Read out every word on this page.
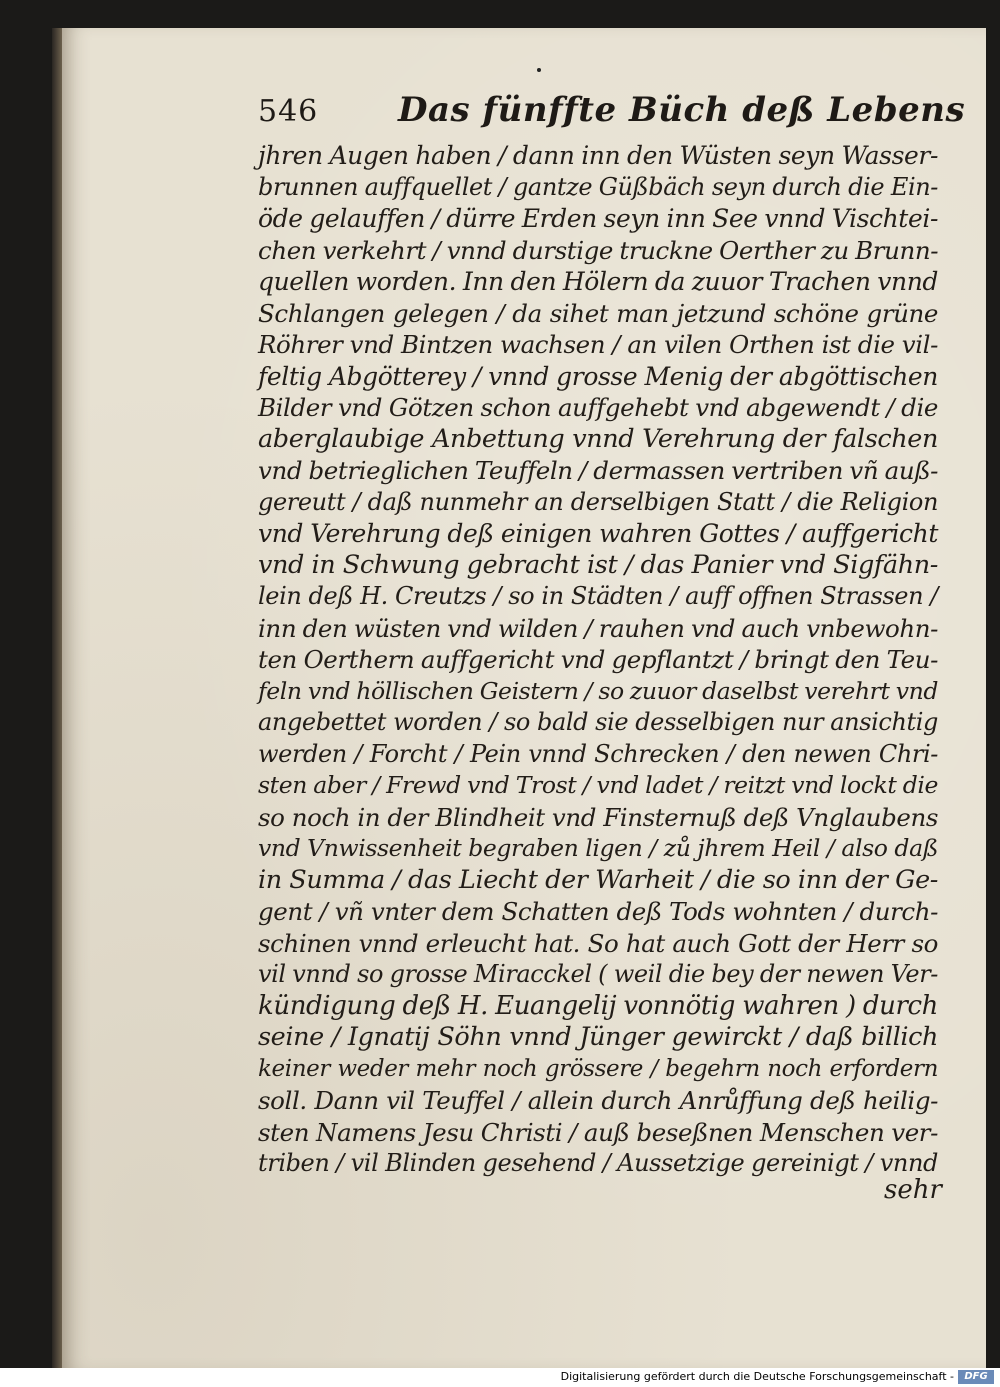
546 Das fünffte Büch deß Lebens
jhren Augen haben / dann inn den Wüsten seyn Wasser-
brunnen auffquellet / gantze Güßbäch seyn durch die Ein-
öde gelauffen / dürre Erden seyn inn See vnnd Vischtei-
chen verkehrt / vnnd durstige truckne Oerther zu Brunn-
quellen worden. Inn den Hölern da zuuor Trachen vnnd
Schlangen gelegen / da sihet man jetzund schöne grüne
Röhrer vnd Bintzen wachsen / an vilen Orthen ist die vil-
feltig Abgötterey / vnnd grosse Menig der abgöttischen
Bilder vnd Götzen schon auffgehebt vnd abgewendt / die
aberglaubige Anbettung vnnd Verehrung der falschen
vnd betrieglichen Teuffeln / dermassen vertriben vñ auß-
gereutt / daß nunmehr an derselbigen Statt / die Religion
vnd Verehrung deß einigen wahren Gottes / auffgericht
vnd in Schwung gebracht ist / das Panier vnd Sigfähn-
lein deß H. Creutzs / so in Städten / auff offnen Strassen /
inn den wüsten vnd wilden / rauhen vnd auch vnbewohn-
ten Oerthern auffgericht vnd gepflantzt / bringt den Teu-
feln vnd höllischen Geistern / so zuuor daselbst verehrt vnd
angebettet worden / so bald sie desselbigen nur ansichtig
werden / Forcht / Pein vnnd Schrecken / den newen Chri-
sten aber / Frewd vnd Trost / vnd ladet / reitzt vnd lockt die
so noch in der Blindheit vnd Finsternuß deß Vnglaubens
vnd Vnwissenheit begraben ligen / zů jhrem Heil / also daß
in Summa / das Liecht der Warheit / die so inn der Ge-
gent / vñ vnter dem Schatten deß Tods wohnten / durch-
schinen vnnd erleucht hat. So hat auch Gott der Herr so
vil vnnd so grosse Miracckel ( weil die bey der newen Ver-
kündigung deß H. Euangelij vonnötig wahren ) durch
seine / Ignatij Söhn vnnd Jünger gewirckt / daß billich
keiner weder mehr noch grössere / begehrn noch erfordern
soll. Dann vil Teuffel / allein durch Anrůffung deß heilig-
sten Namens Jesu Christi / auß beseßnen Menschen ver-
triben / vil Blinden gesehend / Aussetzige gereinigt / vnnd
sehr
Digitalisierung gefördert durch die Deutsche Forschungsgemeinschaft -	DFG
